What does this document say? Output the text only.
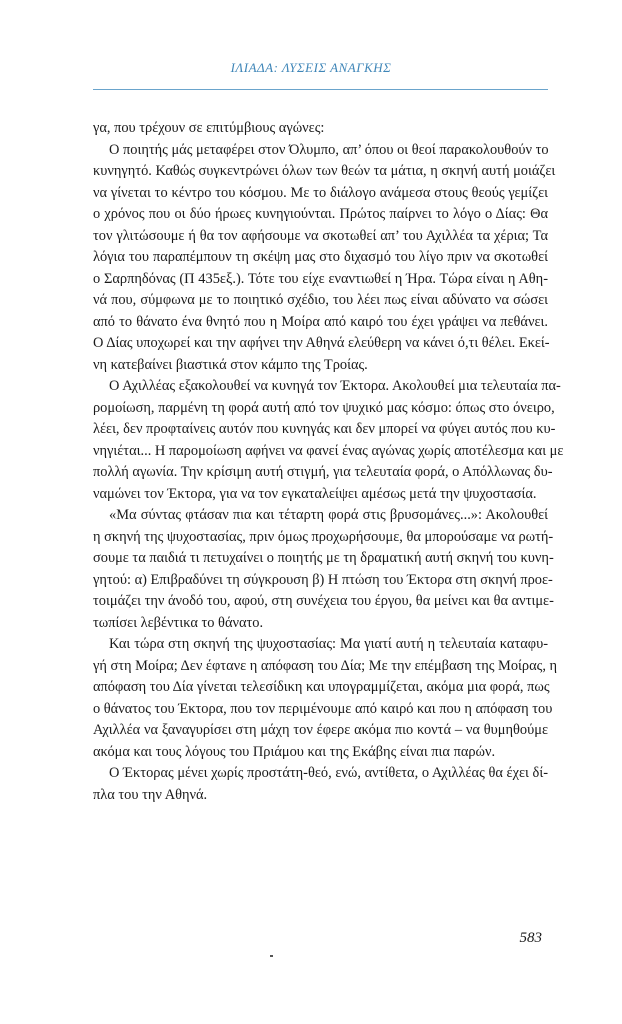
ΙΛΙΑΔΑ: ΛΥΣΕΙΣ ΑΝΑΓΚΗΣ
γα, που τρέχουν σε επιτύμβιους αγώνες:
Ο ποιητής μάς μεταφέρει στον Όλυμπο, απ’ όπου οι θεοί παρακολουθούν το
κυνηγητό. Καθώς συγκεντρώνει όλων των θεών τα μάτια, η σκηνή αυτή μοιάζει
να γίνεται το κέντρο του κόσμου. Με το διάλογο ανάμεσα στους θεούς γεμίζει
ο χρόνος που οι δύο ήρωες κυνηγιούνται. Πρώτος παίρνει το λόγο ο Δίας: Θα
τον γλιτώσουμε ή θα τον αφήσουμε να σκοτωθεί απ’ του Αχιλλέα τα χέρια; Τα
λόγια του παραπέμπουν τη σκέψη μας στο διχασμό του λίγο πριν να σκοτωθεί
ο Σαρπηδόνας (Π 435εξ.). Τότε του είχε εναντιωθεί η Ήρα. Τώρα είναι η Αθη-
νά που, σύμφωνα με το ποιητικό σχέδιο, του λέει πως είναι αδύνατο να σώσει
από το θάνατο ένα θνητό που η Μοίρα από καιρό του έχει γράψει να πεθάνει.
Ο Δίας υποχωρεί και την αφήνει την Αθηνά ελεύθερη να κάνει ό,τι θέλει. Εκεί-
νη κατεβαίνει βιαστικά στον κάμπο της Τροίας.
Ο Αχιλλέας εξακολουθεί να κυνηγά τον Έκτορα. Ακολουθεί μια τελευταία πα-
ρομοίωση, παρμένη τη φορά αυτή από τον ψυχικό μας κόσμο: όπως στο όνειρο,
λέει, δεν προφταίνεις αυτόν που κυνηγάς και δεν μπορεί να φύγει αυτός που κυ-
νηγιέται... Η παρομοίωση αφήνει να φανεί ένας αγώνας χωρίς αποτέλεσμα και με
πολλή αγωνία. Την κρίσιμη αυτή στιγμή, για τελευταία φορά, ο Απόλλωνας δυ-
ναμώνει τον Έκτορα, για να τον εγκαταλείψει αμέσως μετά την ψυχοστασία.
«Μα σύντας φτάσαν πια και τέταρτη φορά στις βρυσομάνες...»: Ακολουθεί
η σκηνή της ψυχοστασίας, πριν όμως προχωρήσουμε, θα μπορούσαμε να ρωτή-
σουμε τα παιδιά τι πετυχαίνει ο ποιητής με τη δραματική αυτή σκηνή του κυνη-
γητού: α) Επιβραδύνει τη σύγκρουση β) Η πτώση του Έκτορα στη σκηνή προε-
τοιμάζει την άνοδό του, αφού, στη συνέχεια του έργου, θα μείνει και θα αντιμε-
τωπίσει λεβέντικα το θάνατο.
Και τώρα στη σκηνή της ψυχοστασίας: Μα γιατί αυτή η τελευταία καταφυ-
γή στη Μοίρα; Δεν έφτανε η απόφαση του Δία; Με την επέμβαση της Μοίρας, η
απόφαση του Δία γίνεται τελεσίδικη και υπογραμμίζεται, ακόμα μια φορά, πως
ο θάνατος του Έκτορα, που τον περιμένουμε από καιρό και που η απόφαση του
Αχιλλέα να ξαναγυρίσει στη μάχη τον έφερε ακόμα πιο κοντά – να θυμηθούμε
ακόμα και τους λόγους του Πριάμου και της Εκάβης είναι πια παρών.
Ο Έκτορας μένει χωρίς προστάτη-θεό, ενώ, αντίθετα, ο Αχιλλέας θα έχει δί-
πλα του την Αθηνά.
583
